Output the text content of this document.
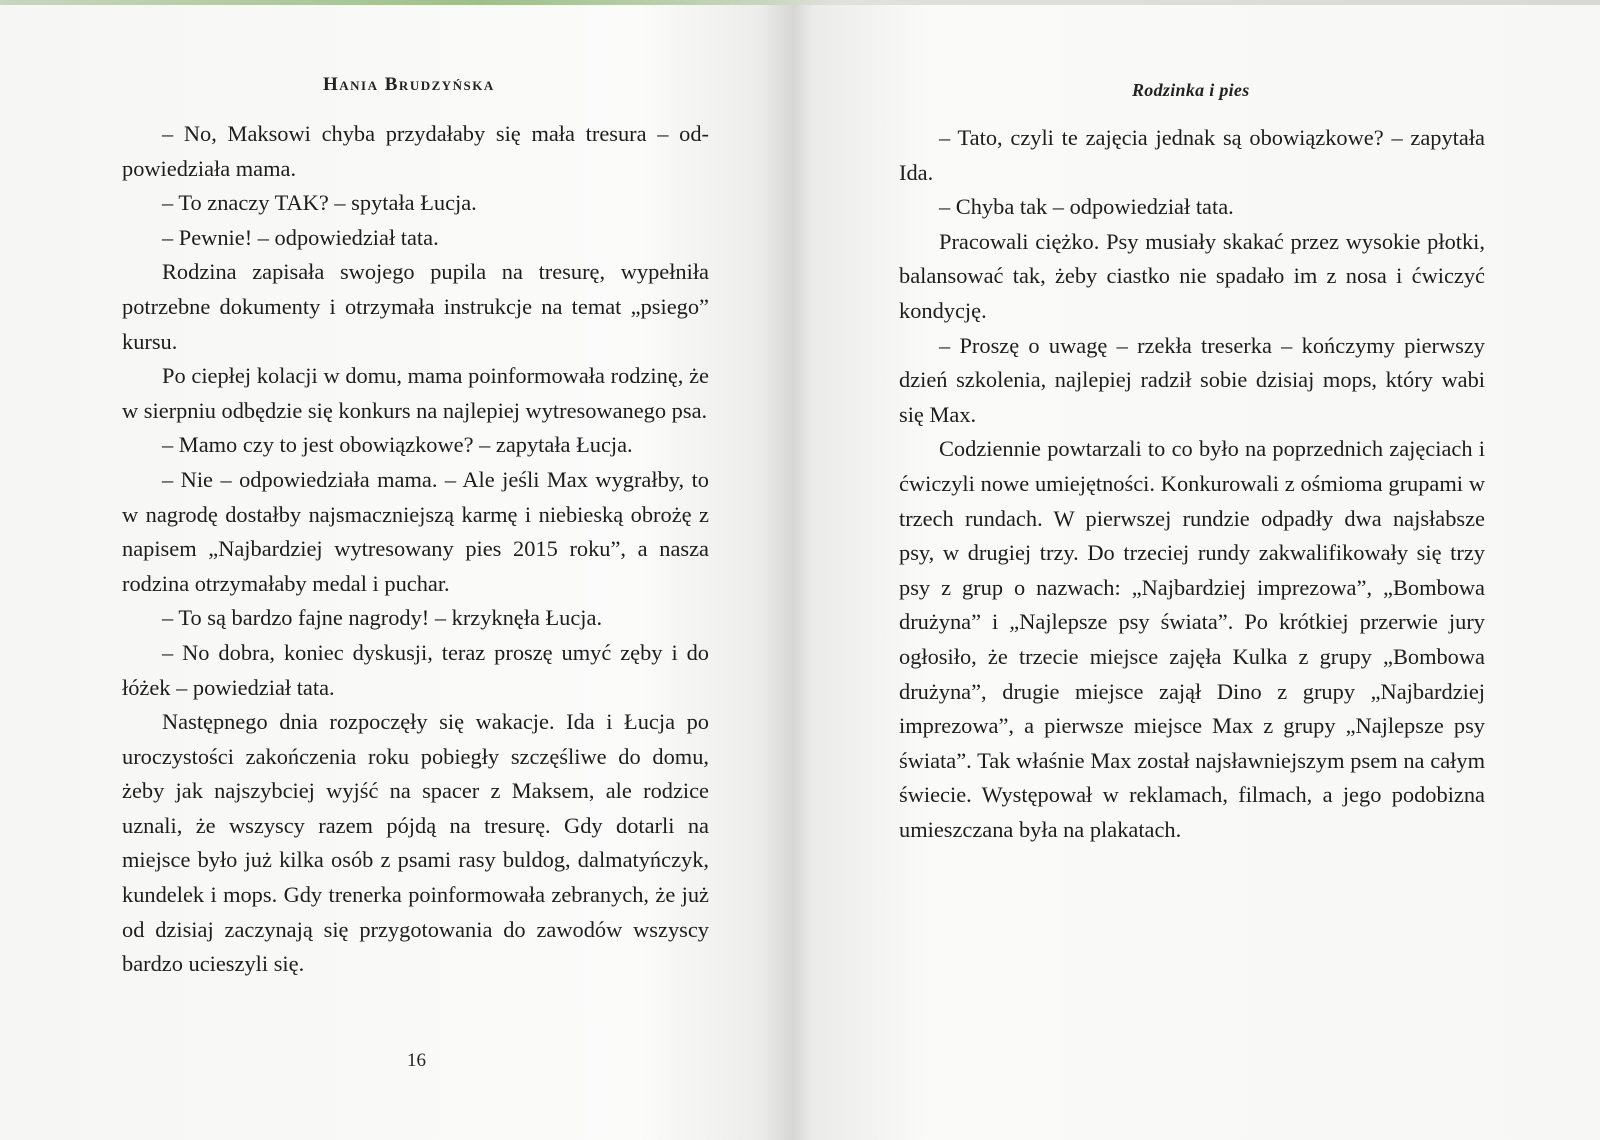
Hania Brudzyńska

– No, Maksowi chyba przydałaby się mała tresura – odpowiedziała mama.

– To znaczy TAK? – spytała Łucja.

– Pewnie! – odpowiedział tata.

Rodzina zapisała swojego pupila na tresurę, wypełniła potrzebne dokumenty i otrzymała instrukcje na temat „psiego” kursu.

Po ciepłej kolacji w domu, mama poinformowała rodzinę, że w sierpniu odbędzie się konkurs na najlepiej wytresowanego psa.

– Mamo czy to jest obowiązkowe? – zapytała Łucja.

– Nie – odpowiedziała mama. – Ale jeśli Max wygrałby, to w nagrodę dostałby najsmaczniejszą karmę i niebieską obrożę z napisem „Najbardziej wytresowany pies 2015 roku”, a nasza rodzina otrzymałaby medal i puchar.

– To są bardzo fajne nagrody! – krzyknęła Łucja.

– No dobra, koniec dyskusji, teraz proszę umyć zęby i do łóżek – powiedział tata.

Następnego dnia rozpoczęły się wakacje. Ida i Łucja po uroczystości zakończenia roku pobiegły szczęśliwe do domu, żeby jak najszybciej wyjść na spacer z Maksem, ale rodzice uznali, że wszyscy razem pójdą na tresurę. Gdy dotarli na miejsce było już kilka osób z psami rasy buldog, dalmatyńczyk, kundelek i mops. Gdy trenerka poinformowała zebranych, że już od dzisiaj zaczynają się przygotowania do zawodów wszyscy bardzo ucieszyli się.

16
Rodzinka i pies

– Tato, czyli te zajęcia jednak są obowiązkowe? – zapytała Ida.

– Chyba tak – odpowiedział tata.

Pracowali ciężko. Psy musiały skakać przez wysokie płotki, balansować tak, żeby ciastko nie spadało im z nosa i ćwiczyć kondycję.

– Proszę o uwagę – rzekła treserka – kończymy pierwszy dzień szkolenia, najlepiej radził sobie dzisiaj mops, który wabi się Max.

Codziennie powtarzali to co było na poprzednich zajęciach i ćwiczyli nowe umiejętności. Konkurowali z ośmioma grupami w trzech rundach. W pierwszej rundzie odpadły dwa najsłabsze psy, w drugiej trzy. Do trzeciej rundy zakwalifikowały się trzy psy z grup o nazwach: „Najbardziej imprezowa”, „Bombowa drużyna” i „Najlepsze psy świata”. Po krótkiej przerwie jury ogłosiło, że trzecie miejsce zajęła Kulka z grupy „Bombowa drużyna”, drugie miejsce zajął Dino z grupy „Najbardziej imprezowa”, a pierwsze miejsce Max z grupy „Najlepsze psy świata”. Tak właśnie Max został najsławniejszym psem na całym świecie. Występował w reklamach, filmach, a jego podobizna umieszczana była na plakatach.
